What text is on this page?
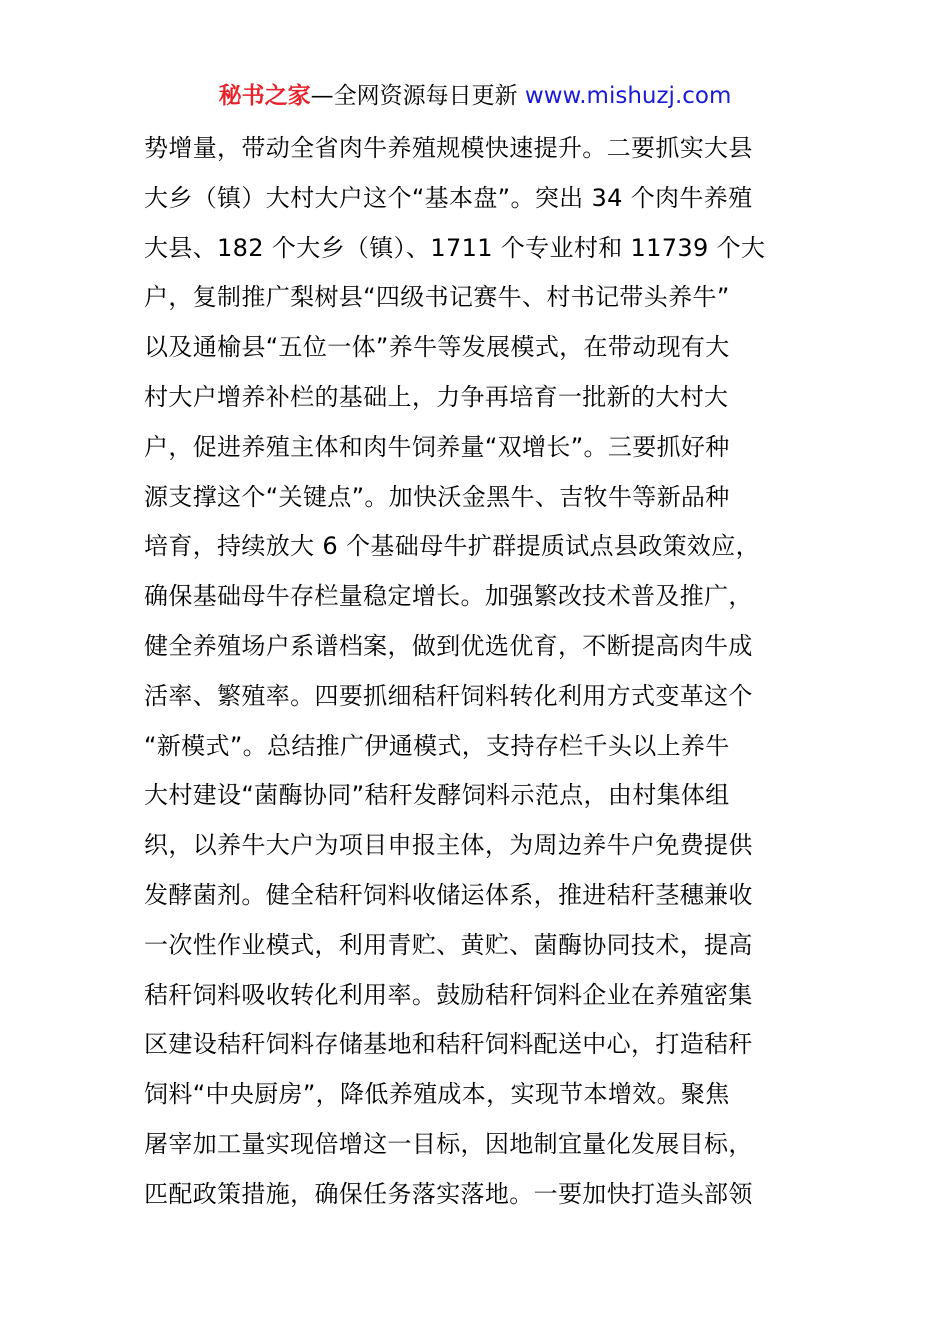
秘书之家—全网资源每日更新 www.mishuzj.com
势增量，带动全省肉牛养殖规模快速提升。二要抓实大县
大乡（镇）大村大户这个“基本盘”。突出 34 个肉牛养殖
大县、182 个大乡（镇）、1711 个专业村和 11739 个大
户，复制推广梨树县“四级书记赛牛、村书记带头养牛”
以及通榆县“五位一体”养牛等发展模式，在带动现有大
村大户增养补栏的基础上，力争再培育一批新的大村大
户，促进养殖主体和肉牛饲养量“双增长”。三要抓好种
源支撑这个“关键点”。加快沃金黑牛、吉牧牛等新品种
培育，持续放大 6 个基础母牛扩群提质试点县政策效应，
确保基础母牛存栏量稳定增长。加强繁改技术普及推广，
健全养殖场户系谱档案，做到优选优育，不断提高肉牛成
活率、繁殖率。四要抓细秸秆饲料转化利用方式变革这个
“新模式”。总结推广伊通模式，支持存栏千头以上养牛
大村建设“菌酶协同”秸秆发酵饲料示范点，由村集体组
织，以养牛大户为项目申报主体，为周边养牛户免费提供
发酵菌剂。健全秸秆饲料收储运体系，推进秸秆茎穗兼收
一次性作业模式，利用青贮、黄贮、菌酶协同技术，提高
秸秆饲料吸收转化利用率。鼓励秸秆饲料企业在养殖密集
区建设秸秆饲料存储基地和秸秆饲料配送中心，打造秸秆
饲料“中央厨房”，降低养殖成本，实现节本增效。聚焦
屠宰加工量实现倍增这一目标，因地制宜量化发展目标，
匹配政策措施，确保任务落实落地。一要加快打造头部领
